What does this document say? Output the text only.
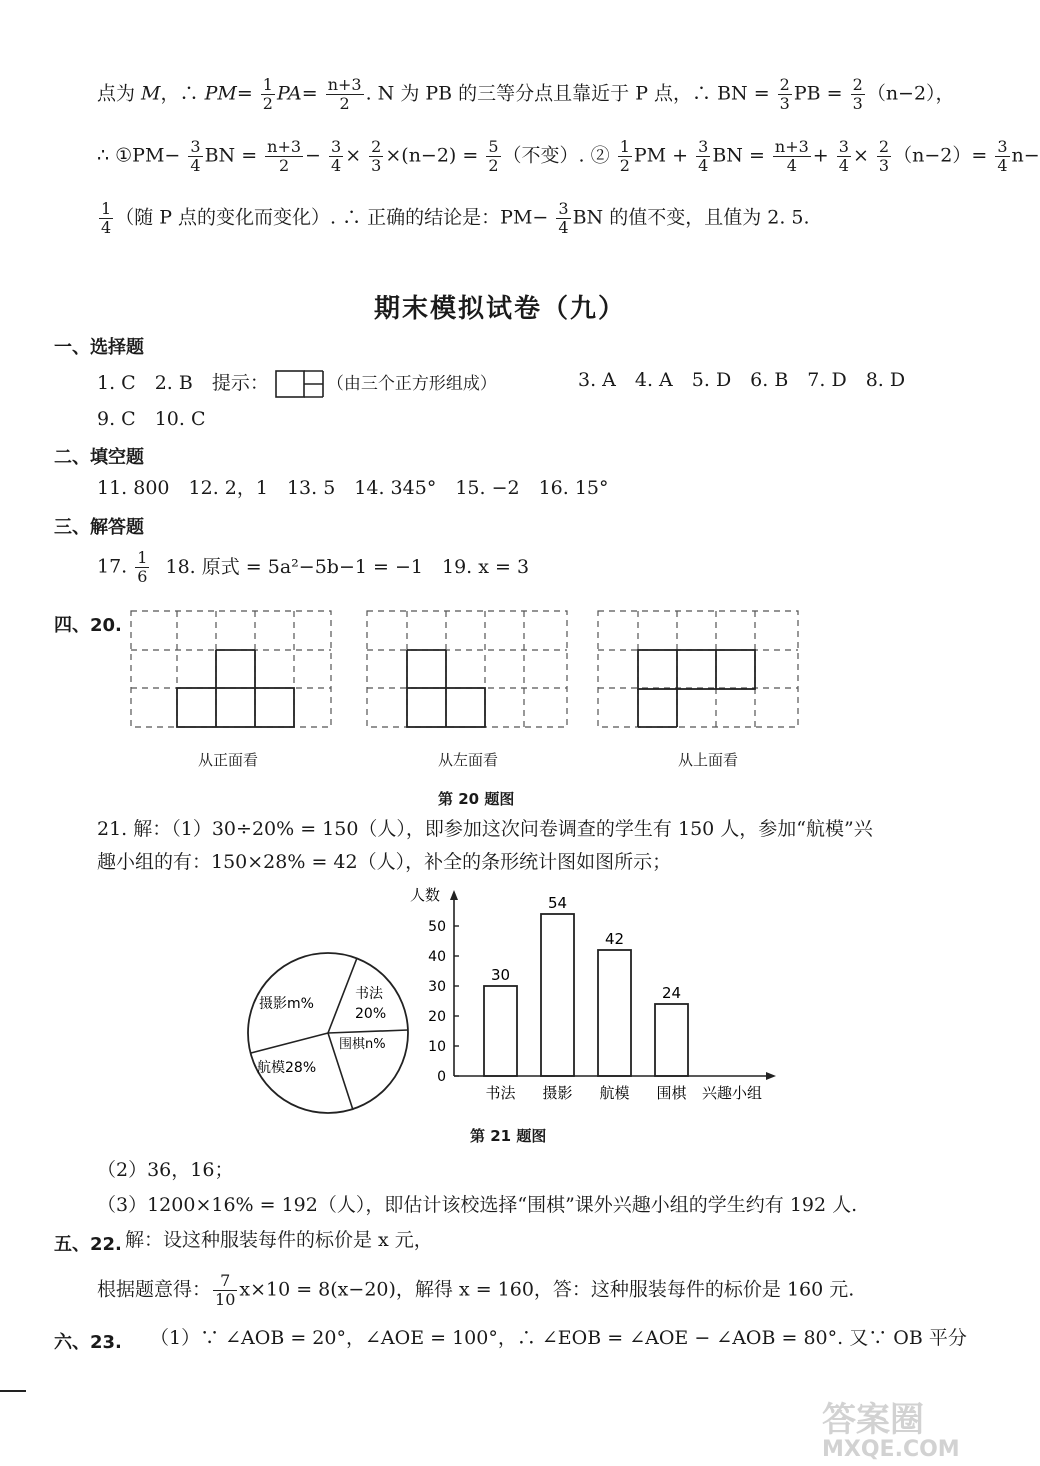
点为 M，∴ $PM= \frac{1}{2} PA= \frac{n+3}{2}$ . N 为 PB 的三等分点且靠近于 P 点，∴ BN = $\frac{2}{3}$ PB = $\frac{2}{3} (n-2)$，
∴ ①PM− $\frac{3}{4}$ BN = $\frac{n+3}{2} - \frac{3}{4} \times \frac{2}{3} \times(n-2) = \frac{5}{2}$ （不变）. ② $\frac{1}{2}$ PM + $\frac{3}{4}$ BN = $\frac{n+3}{4} + \frac{3}{4} \times \frac{2}{3} (n-2)= \frac{3}{4} n-$
$\frac{1}{4}$ （随 P 点的变化而变化）. ∴ 正确的结论是：$PM- \frac{3}{4}$ BN 的值不变，且值为 2. 5.
期末模拟试卷（九）
一、选择题
1. C　2. B　提示：	（由三个正方形组成）	3. A　4. A　5. D　6. B　7. D　8. D
9. C　10. C
二、填空题
11. 800　12. 2，1　13. 5　14. 345°　15. −2　16. 15°
三、解答题
17. $\frac{1}{6} 18$. 原式 = 5a²−5b−1 = −1　19. x = 3
四、20.
从正面看	从左面看	从上面看
第 20 题图
21. 解：（1）30÷20% = 150（人），即参加这次问卷调查的学生有 150 人，参加“航模”兴
趣小组的有：150×28% = 42（人），补全的条形统计图如图所示；
摄影m%
书法
20%
围棋n%
航模28%
人数
0
10
20
30
40
50
30
书法
54
摄影
42
航模
24
围棋 兴趣小组
第 21 题图
（2）36，16；
（3）1200×16% = 192（人），即估计该校选择“围棋”课外兴趣小组的学生约有 192 人.
五、22. 解：设这种服装每件的标价是 x 元，
根据题意得： $\frac{7}{10} x\times 10 = 8(x-20)$，解得 x = 160，答：这种服装每件的标价是 160 元.
六、23. （1）∵ ∠AOB = 20°，∠AOE = 100°，∴ ∠EOB = ∠AOE − ∠AOB = 80°. 又∵ OB 平分
答案圈
MXQE.COM
